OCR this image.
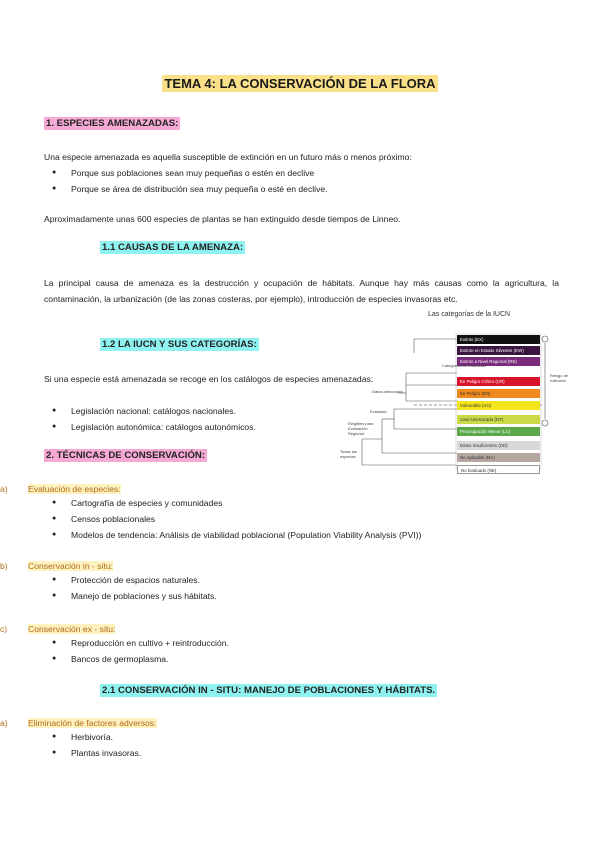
TEMA 4: LA CONSERVACIÓN DE LA FLORA
1. ESPECIES AMENAZADAS:
Una especie amenazada es aquella susceptible de extinción en un futuro más o menos próximo:
● Porque sus poblaciones sean muy pequeñas o estén en declive
● Porque se área de distribución sea muy pequeña o esté en declive.
Aproximadamente unas 600 especies de plantas se han extinguido desde tiempos de Linneo.
1.1 CAUSAS DE LA AMENAZA:
La principal causa de amenaza es la destrucción y ocupación de hábitats. Aunque hay más causas como la agricultura, la contaminación, la urbanización (de las zonas costeras, por ejemplo), introducción de especies invasoras etc.
1.2 LA IUCN Y SUS CATEGORÍAS:
Si una especie está amenazada se recoge en los catálogos de especies amenazadas:
● Legislación nacional: catálogos nacionales.
● Legislación autonómica: catálogos autonómicos.
Las categorías de la IUCN
Extinto (EX)
Extinto en Estado Silvestre (EW)
Extinto a Nivel Regional (RE)
En Peligro Crítico (CR)
En Peligro (EN)
Vulnerable (VU)
Casi Amenazado (NT)
Preocupación Menor (LC)
Datos Insuficientes (DD)
No Aplicable (NA)
No Evaluado (NE)
Categorías Amenazadas
Datos adecuados
Evaluado
Elegibles para Evaluación Regional
Todas las especies
Riesgo de extinción
2. TÉCNICAS DE CONSERVACIÓN:
a) Evaluación de especies:
● Cartografía de especies y comunidades
● Censos poblacionales
● Modelos de tendencia: Análisis de viabilidad poblacional (Population Viability Analysis (PVI))
b) Conservación in - situ:
● Protección de espacios naturales.
● Manejo de poblaciones y sus hábitats.
c) Conservación ex - situ:
● Reproducción en cultivo + reintroducción.
● Bancos de germoplasma.
2.1 CONSERVACIÓN IN - SITU: MANEJO DE POBLACIONES Y HÁBITATS.
a) Eliminación de factores adversos:
● Herbivoría.
● Plantas invasoras.
